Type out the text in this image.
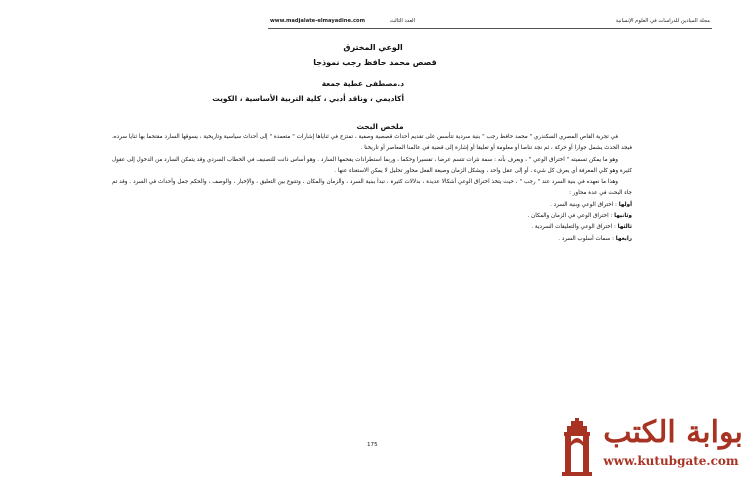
www.madjalate-elmayadine.com	العدد الثالث	مجلة الميادين للدراسات في العلوم الإنسانية
الوعي المخترق
قصص محمد حافظ رجب نموذجا
د.مصطفى عطية جمعة
أكاديمي ، وناقد أدبي ، كلية التربية الأساسية ، الكويت
ملخص البحث

في تجربة القاص المصري السكندري " محمد حافظ رجب " بنية سردية تتأسس على تقديم أحداث قصصية وصفية ، تمتزج في ثناياها إشارات " متعمدة " إلى أحداث سياسية وتاريخية ، يسوقها السارد مقتحما بها ثنايا سرده، فيجد الحدث يشمل جوارا أو حركة ، ثم نجد تناصا أو معلومة أو تعليقا أو إشارة إلى قضية في عالمنا المعاصر أو تاريخنا .

وهو ما يمكن تسميته " اختراق الوعي " ، ويعرف بأنه : سمة نثرات تتسم عرضا ، تفسيرا وحكما ، وربما استطرادات يقحمها السارد . وهو أساس ذاتت للتصنيف في الخطاب السردي وقد يتمكن السارد من الدخول إلى عقول كثيرة وهو كلي المعرفة أي يعرف كل شيء ، أو إلى عقل واحد ، ويشكل الزمان وصيغة الفعل محاور تحليل لا يمكن الاستغناء عنها .

وهذا ما نعهده في بنية السرد عند " رجب " ، حيث يتخذ اختراق الوعي أشكالا عديدة ، بدلالات كثيرة ، تبدأ ببنية السرد ، والزمان والمكان ، وتتنوع بين التعليق ، والإخبار ، والوصف ، والحكم جمل وأحداث في السرد . وقد تم جاء البحث في عدة محاور :

أولها : اختراق الوعي وبنية السرد .

وثانيها : اختراق الوعي في الزمان والمكان .

ثالثها : اختراق الوعي والتعليقات السردية .

رابعها : سمات أسلوب السرد .

175	بوابة الكتب
www.kutubgate.com
